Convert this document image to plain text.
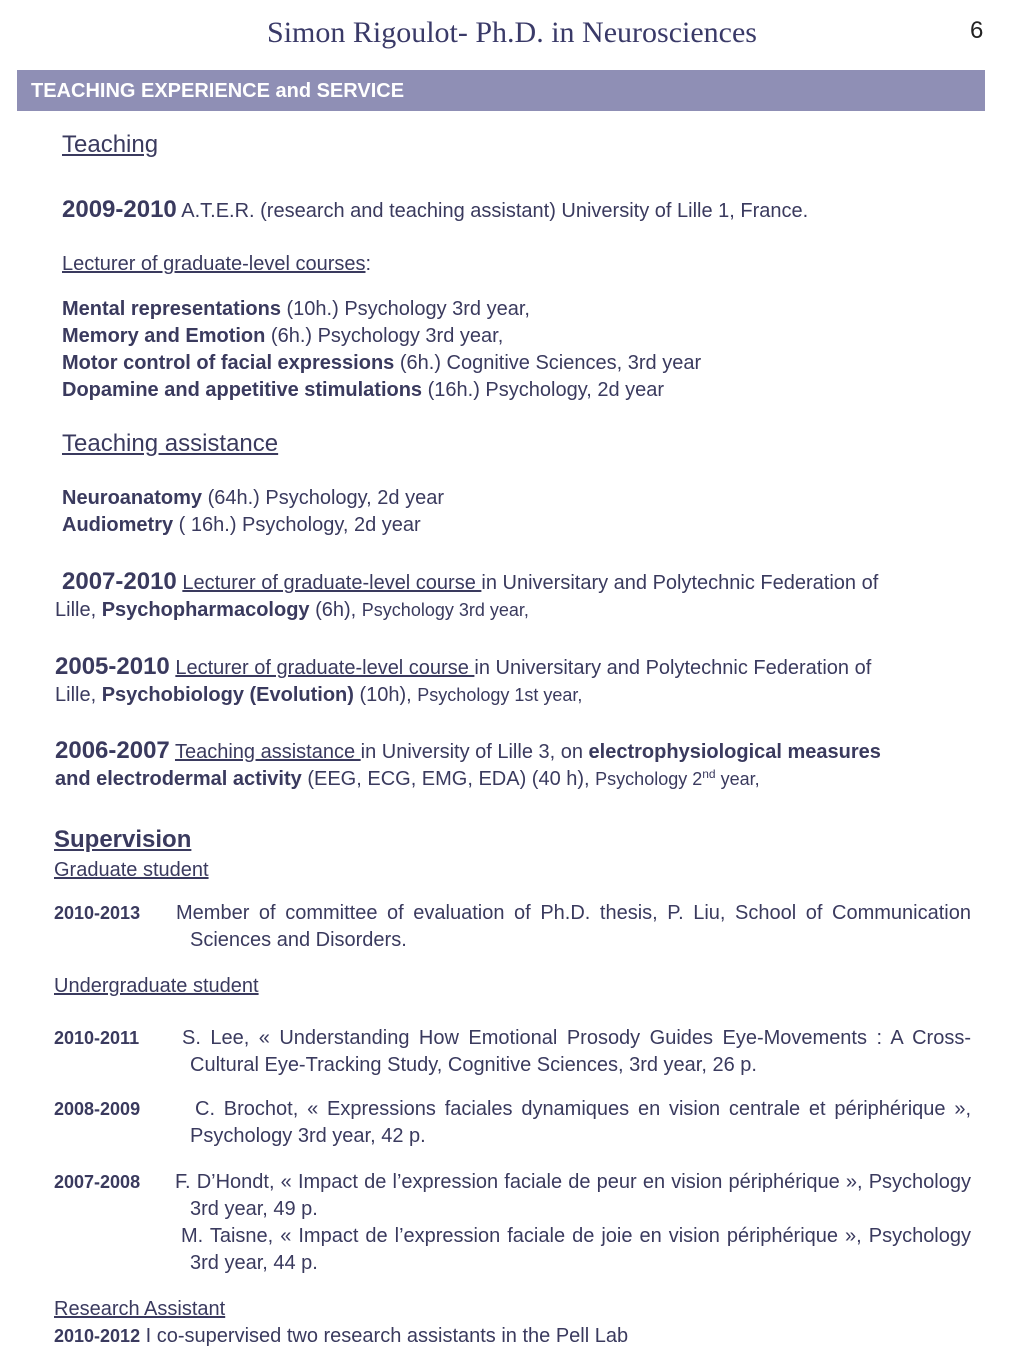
Simon Rigoulot- Ph.D. in Neurosciences	6
TEACHING EXPERIENCE and SERVICE
Teaching
2009-2010 A.T.E.R. (research and teaching assistant) University of Lille 1, France.
Lecturer of graduate-level courses:
Mental representations (10h.) Psychology 3rd year,
Memory and Emotion (6h.) Psychology 3rd year,
Motor control of facial expressions (6h.) Cognitive Sciences, 3rd year
Dopamine and appetitive stimulations (16h.) Psychology, 2d year
Teaching assistance
Neuroanatomy (64h.) Psychology, 2d year
Audiometry ( 16h.) Psychology, 2d year
2007-2010 Lecturer of graduate-level course in Universitary and Polytechnic Federation of
Lille, Psychopharmacology (6h), Psychology 3rd year,
2005-2010 Lecturer of graduate-level course in Universitary and Polytechnic Federation of
Lille, Psychobiology (Evolution) (10h), Psychology 1st year,
2006-2007 Teaching assistance in University of Lille 3, on electrophysiological measures
and electrodermal activity (EEG, ECG, EMG, EDA) (40 h), Psychology 2nd year,
Supervision
Graduate student
2010-2013 Member of committee of evaluation of Ph.D. thesis, P. Liu, School of Communication Sciences and Disorders.
Undergraduate student
2010-2011 S. Lee, « Understanding How Emotional Prosody Guides Eye-Movements : A Cross-Cultural Eye-Tracking Study, Cognitive Sciences, 3rd year, 26 p.
2008-2009	C. Brochot, « Expressions faciales dynamiques en vision centrale et périphérique », Psychology 3rd year, 42 p.
2007-2008 F. D’Hondt, « Impact de l’expression faciale de peur en vision périphérique », Psychology 3rd year, 49 p.
M. Taisne, « Impact de l’expression faciale de joie en vision périphérique », Psychology 3rd year, 44 p.
Research Assistant
2010-2012 I co-supervised two research assistants in the Pell Lab
